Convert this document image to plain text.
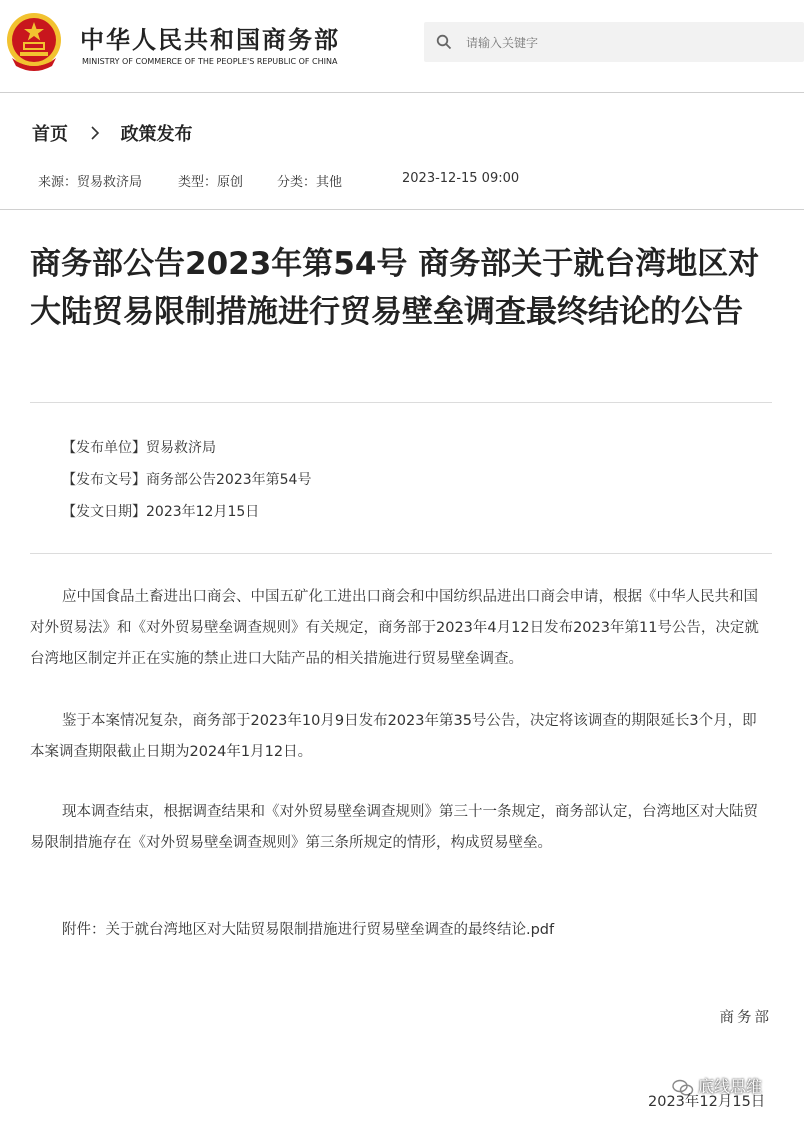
中华人民共和国商务部
MINISTRY OF COMMERCE OF THE PEOPLE'S REPUBLIC OF CHINA
请输入关键字
首页	政策发布
来源：贸易救济局	类型：原创	分类：其他	2023-12-15 09:00
商务部公告2023年第54号 商务部关于就台湾地区对大陆贸易限制措施进行贸易壁垒调查最终结论的公告
【发布单位】贸易救济局
【发布文号】商务部公告2023年第54号
【发文日期】2023年12月15日
应中国食品土畜进出口商会、中国五矿化工进出口商会和中国纺织品进出口商会申请，根据《中华人民共和国对外贸易法》和《对外贸易壁垒调查规则》有关规定，商务部于2023年4月12日发布2023年第11号公告，决定就台湾地区制定并正在实施的禁止进口大陆产品的相关措施进行贸易壁垒调查。
鉴于本案情况复杂，商务部于2023年10月9日发布2023年第35号公告，决定将该调查的期限延长3个月，即本案调查期限截止日期为2024年1月12日。
现本调查结束，根据调查结果和《对外贸易壁垒调查规则》第三十一条规定，商务部认定，台湾地区对大陆贸易限制措施存在《对外贸易壁垒调查规则》第三条所规定的情形，构成贸易壁垒。
附件：关于就台湾地区对大陆贸易限制措施进行贸易壁垒调查的最终结论.pdf
商务部
底线思维
2023年12月15日
